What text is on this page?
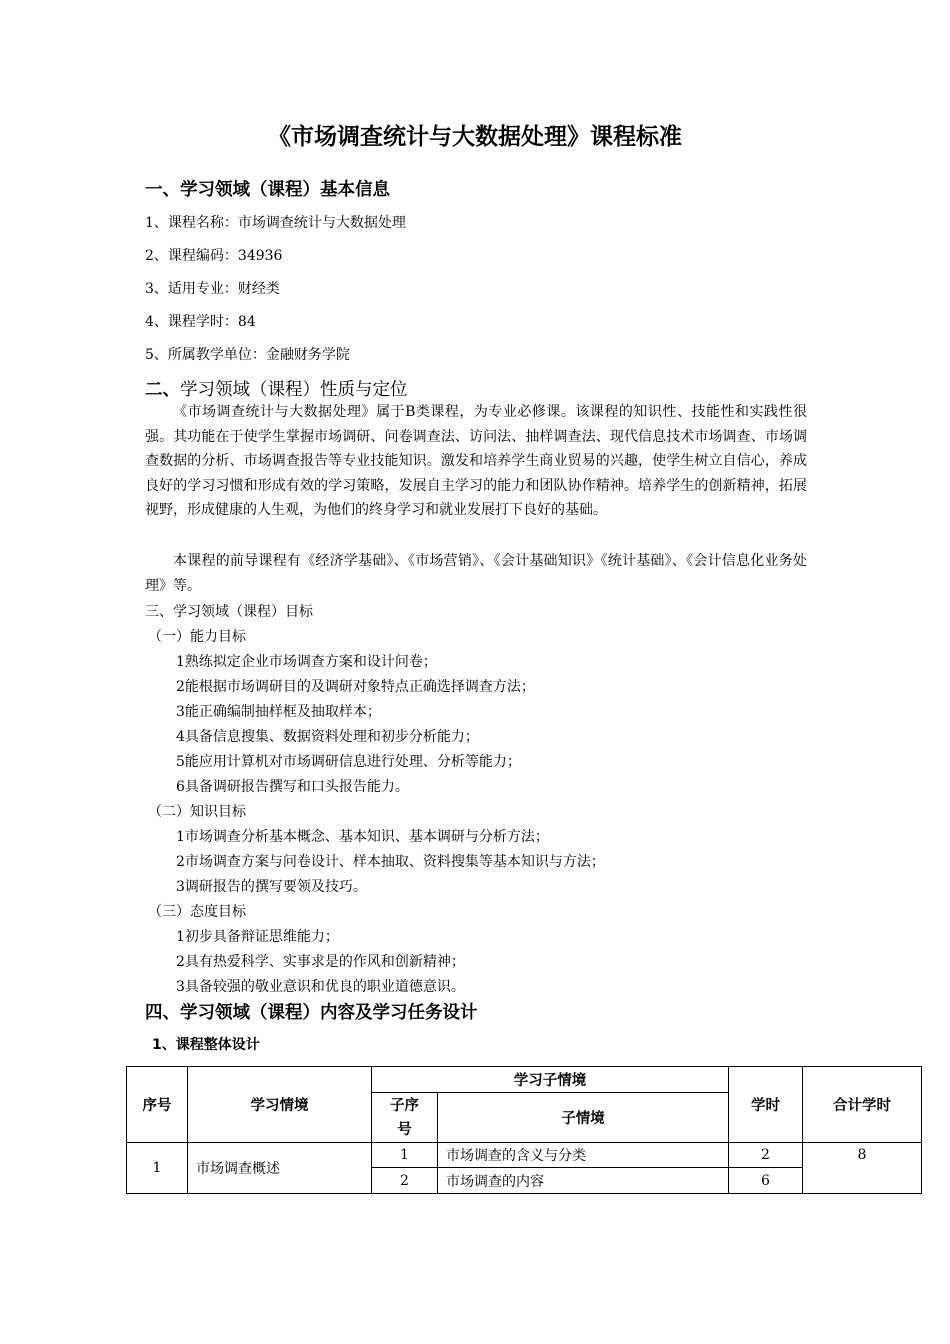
《市场调查统计与大数据处理》课程标准
一、学习领域（课程）基本信息
1、课程名称：市场调查统计与大数据处理
2、课程编码：34936
3、适用专业：财经类
4、课程学时：84
5、所属教学单位：金融财务学院
二、学习领域（课程）性质与定位
《市场调查统计与大数据处理》属于B类课程，为专业必修课。该课程的知识性、技能性和实践性很强。其功能在于使学生掌握市场调研、问卷调查法、访问法、抽样调查法、现代信息技术市场调查、市场调查数据的分析、市场调查报告等专业技能知识。激发和培养学生商业贸易的兴趣，使学生树立自信心，养成良好的学习习惯和形成有效的学习策略，发展自主学习的能力和团队协作精神。培养学生的创新精神，拓展视野，形成健康的人生观，为他们的终身学习和就业发展打下良好的基础。
本课程的前导课程有《经济学基础》、《市场营销》、《会计基础知识》《统计基础》、《会计信息化业务处理》等。
三、学习领域（课程）目标
（一）能力目标
1熟练拟定企业市场调查方案和设计问卷；
2能根据市场调研目的及调研对象特点正确选择调查方法；
3能正确编制抽样框及抽取样本；
4具备信息搜集、数据资料处理和初步分析能力；
5能应用计算机对市场调研信息进行处理、分析等能力；
6具备调研报告撰写和口头报告能力。
（二）知识目标
1市场调查分析基本概念、基本知识、基本调研与分析方法；
2市场调查方案与问卷设计、样本抽取、资料搜集等基本知识与方法；
3调研报告的撰写要领及技巧。
（三）态度目标
1初步具备辩证思维能力；
2具有热爱科学、实事求是的作风和创新精神；
3具备较强的敬业意识和优良的职业道德意识。
四、学习领域（课程）内容及学习任务设计
1、课程整体设计
序号	学习情境	学习子情境		学时	合计学时

		子序号	子情境		
1	市场调查概述	1	市场调查的含义与分类	2	8
		2	市场调查的内容	6	
